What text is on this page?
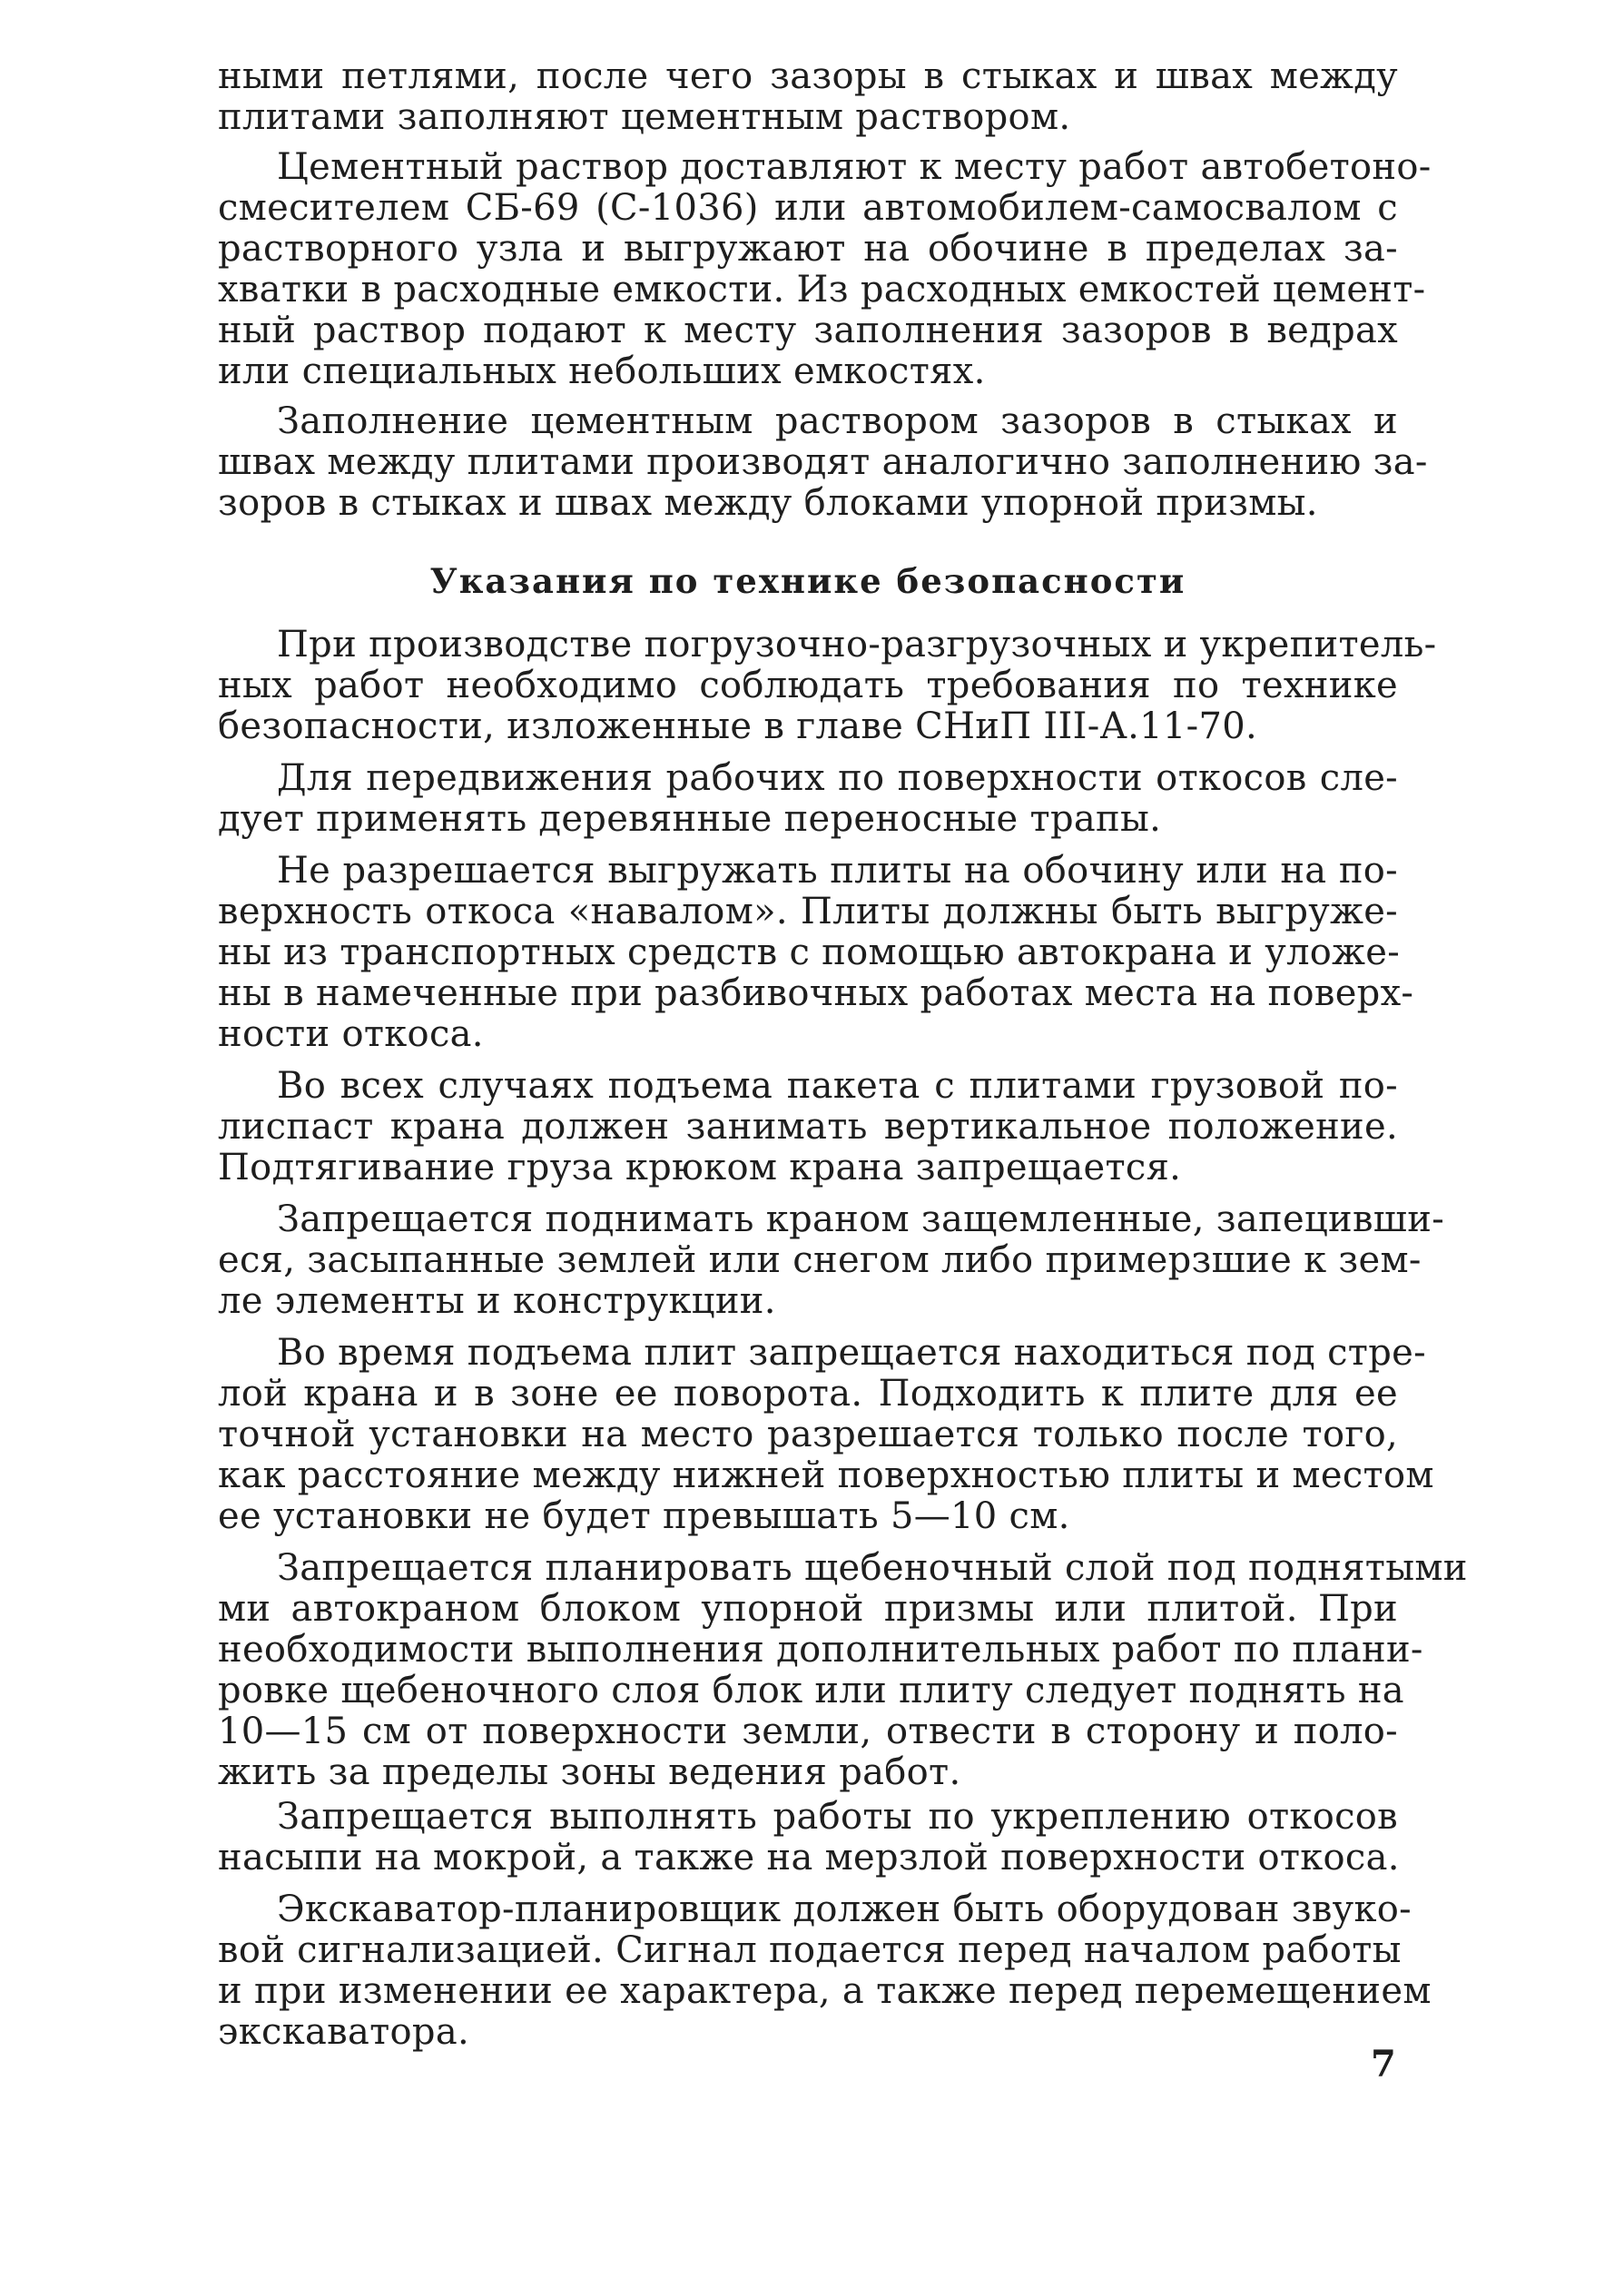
ными петлями, после чего зазоры в стыках и швах между
плитами заполняют цементным раствором.

Цементный раствор доставляют к месту работ автобетоно-
смесителем СБ-69 (С-1036) или автомобилем-самосвалом с
растворного узла и выгружают на обочине в пределах за-
хватки в расходные емкости. Из расходных емкостей цемент-
ный раствор подают к месту заполнения зазоров в ведрах
или специальных небольших емкостях.

Заполнение цементным раствором зазоров в стыках и
швах между плитами производят аналогично заполнению за-
зоров в стыках и швах между блоками упорной призмы.

Указания по технике безопасности

При производстве погрузочно-разгрузочных и укрепитель-
ных работ необходимо соблюдать требования по технике
безопасности, изложенные в главе СНиП III-А.11-70.

Для передвижения рабочих по поверхности откосов сле-
дует применять деревянные переносные трапы.

Не разрешается выгружать плиты на обочину или на по-
верхность откоса «навалом». Плиты должны быть выгруже-
ны из транспортных средств с помощью автокрана и уложе-
ны в намеченные при разбивочных работах места на поверх-
ности откоса.

Во всех случаях подъема пакета с плитами грузовой по-
лиспаст крана должен занимать вертикальное положение.
Подтягивание груза крюком крана запрещается.

Запрещается поднимать краном защемленные, запецивши-
еся, засыпанные землей или снегом либо примерзшие к зем-
ле элементы и конструкции.

Во время подъема плит запрещается находиться под стре-
лой крана и в зоне ее поворота. Подходить к плите для ее
точной установки на место разрешается только после того,
как расстояние между нижней поверхностью плиты и местом
ее установки не будет превышать 5—10 см.

Запрещается планировать щебеночный слой под поднятыми
ми автокраном блоком упорной призмы или плитой. При
необходимости выполнения дополнительных работ по плани-
ровке щебеночного слоя блок или плиту следует поднять на
10—15 см от поверхности земли, отвести в сторону и поло-
жить за пределы зоны ведения работ.

Запрещается выполнять работы по укреплению откосов
насыпи на мокрой, а также на мерзлой поверхности откоса.

Экскаватор-планировщик должен быть оборудован звуко-
вой сигнализацией. Сигнал подается перед началом работы
и при изменении ее характера, а также перед перемещением
экскаватора.

7
